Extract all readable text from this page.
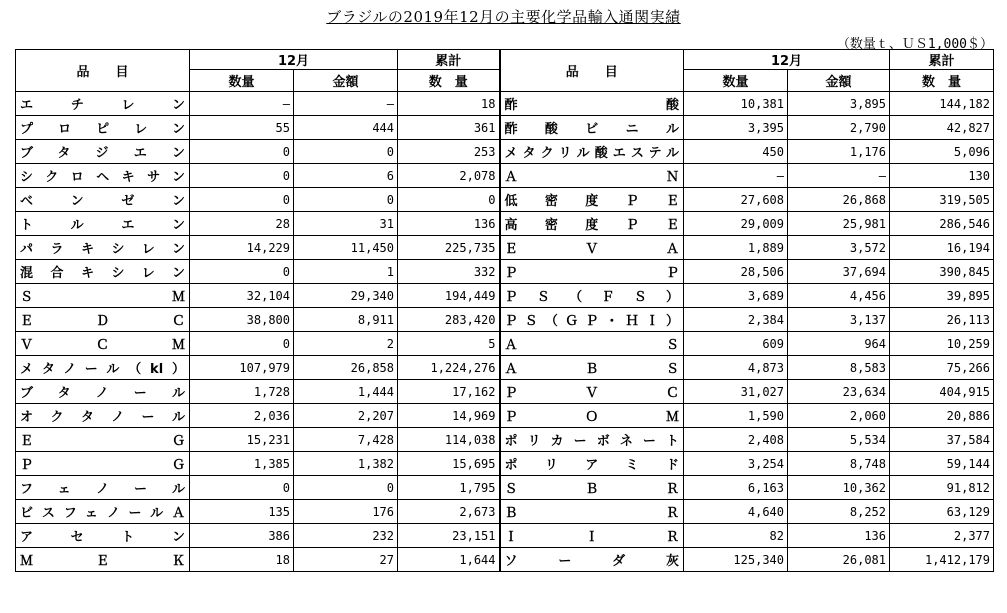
ブラジルの2019年12月の主要化学品輸入通関実績
（数量ｔ、ＵＳ1,000＄）
品　　目	12月		累計	品　　目	12月		累計
	数量	金額	数　量		数量	金額	数　量

エチレン	—	—	18	酢酸	10,381	3,895	144,182

プロピレン	55	444	361	酢酸ビニル	3,395	2,790	42,827

ブタジエン	0	0	253	メタクリル酸エステル	450	1,176	5,096

シクロヘキサン	0	6	2,078	ＡＮ	—	—	130

ベンゼン	0	0	0	低密度ＰＥ	27,608	26,868	319,505

トルエン	28	31	136	高密度ＰＥ	29,009	25,981	286,546

パラキシレン	14,229	11,450	225,735	ＥＶＡ	1,889	3,572	16,194

混合キシレン	0	1	332	ＰＰ	28,506	37,694	390,845

ＳＭ	32,104	29,340	194,449	ＰＳ（ＦＳ）	3,689	4,456	39,895

ＥＤＣ	38,800	8,911	283,420	ＰＳ（ＧＰ・ＨＩ）	2,384	3,137	26,113

ＶＣＭ	0	2	5	ＡＳ	609	964	10,259

メタノール（kl）	107,979	26,858	1,224,276	ＡＢＳ	4,873	8,583	75,266

ブタノール	1,728	1,444	17,162	ＰＶＣ	31,027	23,634	404,915

オクタノール	2,036	2,207	14,969	ＰＯＭ	1,590	2,060	20,886

ＥＧ	15,231	7,428	114,038	ポリカーボネート	2,408	5,534	37,584

ＰＧ	1,385	1,382	15,695	ポリアミド	3,254	8,748	59,144

フェノール	0	0	1,795	ＳＢＲ	6,163	10,362	91,812

ビスフェノールＡ	135	176	2,673	ＢＲ	4,640	8,252	63,129

アセトン	386	232	23,151	ＩＩＲ	82	136	2,377

ＭＥＫ	18	27	1,644	ソーダ灰	125,340	26,081	1,412,179
